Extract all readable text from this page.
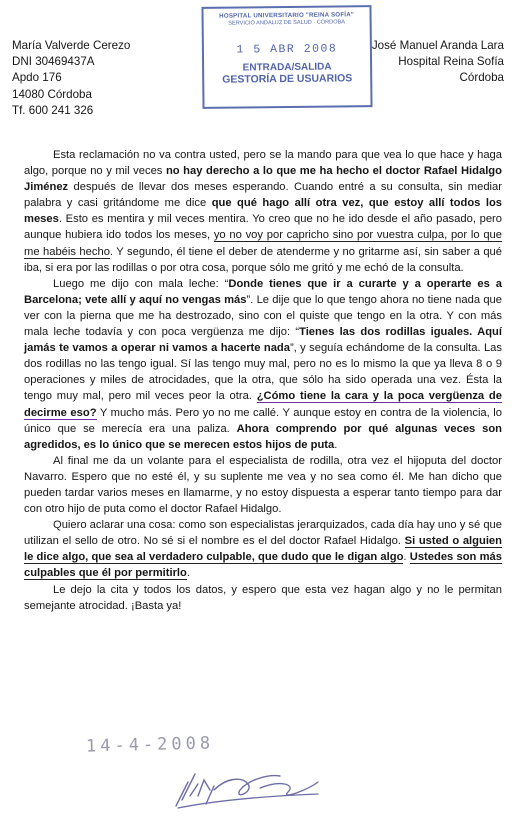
María Valverde Cerezo
DNI 30469437A
Apdo 176
14080 Córdoba
Tf. 600 241 326
HOSPITAL UNIVERSITARIO "REINA SOFÍA"
SERVICIO ANDALUZ DE SALUD · CÓRDOBA
1 5 ABR 2008
ENTRADA/SALIDA
GESTORÍA DE USUARIOS
José Manuel Aranda Lara
Hospital Reina Sofía
Córdoba

Esta reclamación no va contra usted, pero se la mando para que vea lo que hace y haga algo, porque no y mil veces no hay derecho a lo que me ha hecho el doctor Rafael Hidalgo Jiménez después de llevar dos meses esperando. Cuando entré a su consulta, sin mediar palabra y casi gritándome me dice que qué hago allí otra vez, que estoy allí todos los meses. Esto es mentira y mil veces mentira. Yo creo que no he ido desde el año pasado, pero aunque hubiera ido todos los meses, yo no voy por capricho sino por vuestra culpa, por lo que me habéis hecho. Y segundo, él tiene el deber de atenderme y no gritarme así, sin saber a qué iba, si era por las rodillas o por otra cosa, porque sólo me gritó y me echó de la consulta.

Luego me dijo con mala leche: “Donde tienes que ir a curarte y a operarte es a Barcelona; vete allí y aquí no vengas más”. Le dije que lo que tengo ahora no tiene nada que ver con la pierna que me ha destrozado, sino con el quiste que tengo en la otra. Y con más mala leche todavía y con poca vergüenza me dijo: “Tienes las dos rodillas iguales. Aquí jamás te vamos a operar ni vamos a hacerte nada”, y seguía echándome de la consulta. Las dos rodillas no las tengo igual. Sí las tengo muy mal, pero no es lo mismo la que ya lleva 8 o 9 operaciones y miles de atrocidades, que la otra, que sólo ha sido operada una vez. Ésta la tengo muy mal, pero mil veces peor la otra. ¿Cómo tiene la cara y la poca vergüenza de decirme eso? Y mucho más. Pero yo no me callé. Y aunque estoy en contra de la violencia, lo único que se merecía era una paliza. Ahora comprendo por qué algunas veces son agredidos, es lo único que se merecen estos hijos de puta.

Al final me da un volante para el especialista de rodilla, otra vez el hijoputa del doctor Navarro. Espero que no esté él, y su suplente me vea y no sea como él. Me han dicho que pueden tardar varios meses en llamarme, y no estoy dispuesta a esperar tanto tiempo para dar con otro hijo de puta como el doctor Rafael Hidalgo.

Quiero aclarar una cosa: como son especialistas jerarquizados, cada día hay uno y sé que utilizan el sello de otro. No sé si el nombre es el del doctor Rafael Hidalgo. Si usted o alguien le dice algo, que sea al verdadero culpable, que dudo que le digan algo. Ustedes son más culpables que él por permitirlo.

Le dejo la cita y todos los datos, y espero que esta vez hagan algo y no le permitan semejante atrocidad. ¡Basta ya!

14-4-2008
